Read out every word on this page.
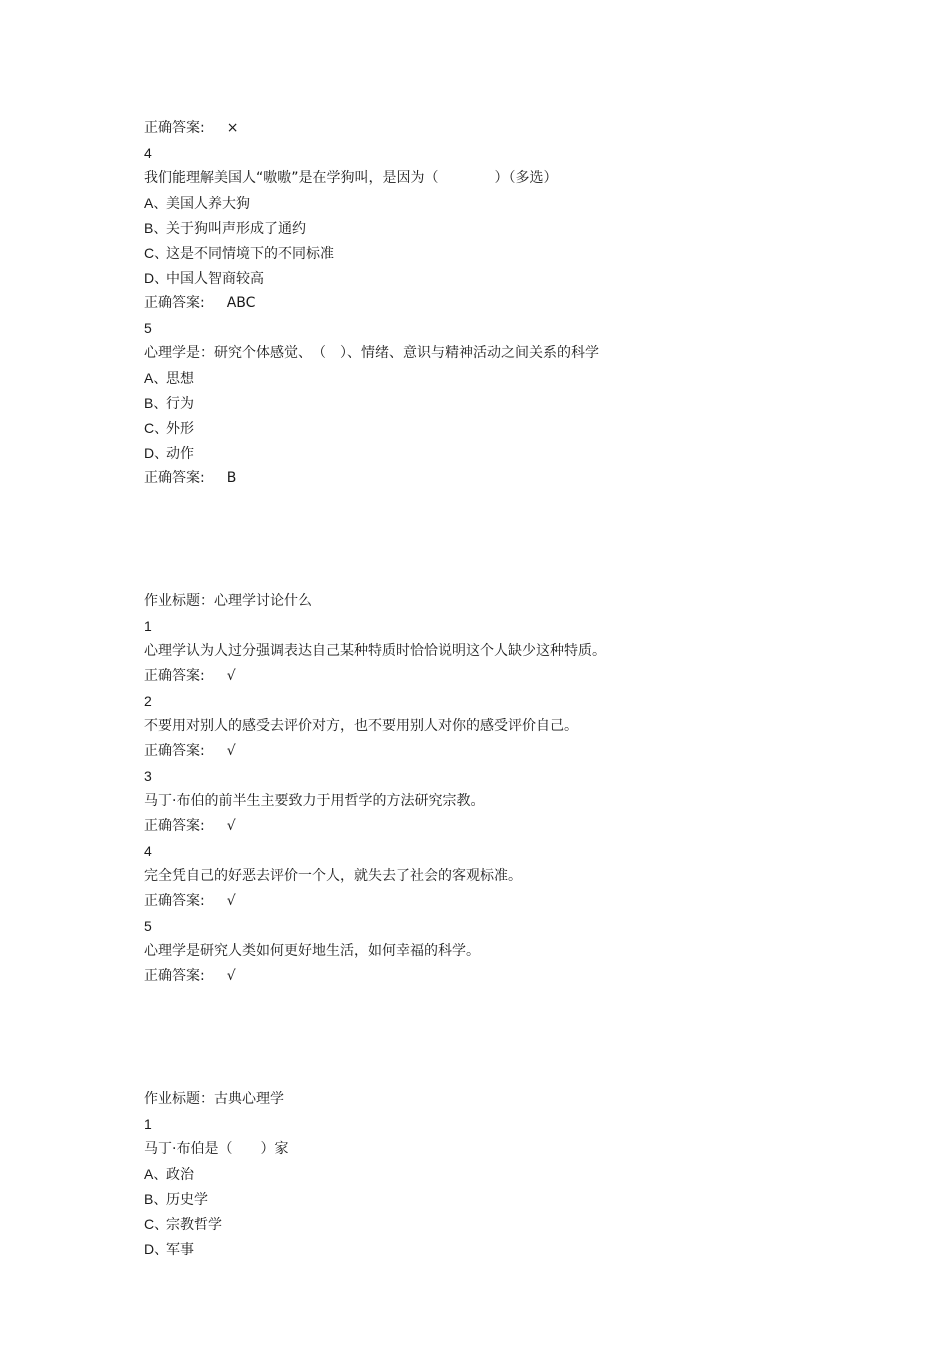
正确答案: ×
4
我们能理解美国人“嗷嗷”是在学狗叫，是因为（　　　　）（多选）
A、美国人养大狗
B、关于狗叫声形成了通约
C、这是不同情境下的不同标准
D、中国人智商较高
正确答案: ABC
5
心理学是：研究个体感觉、　（　）、情绪、意识与精神活动之间关系的科学
A、思想
B、行为
C、外形
D、动作
正确答案: B
作业标题：心理学讨论什么
1
心理学认为人过分强调表达自己某种特质时恰恰说明这个人缺少这种特质。
正确答案: √
2
不要用对别人的感受去评价对方，也不要用别人对你的感受评价自己。
正确答案: √
3
马丁·布伯的前半生主要致力于用哲学的方法研究宗教。
正确答案: √
4
完全凭自己的好恶去评价一个人，就失去了社会的客观标准。
正确答案: √
5
心理学是研究人类如何更好地生活，如何幸福的科学。
正确答案: √
作业标题：古典心理学
1
马丁·布伯是（　　）家
A、政治
B、历史学
C、宗教哲学
D、军事
